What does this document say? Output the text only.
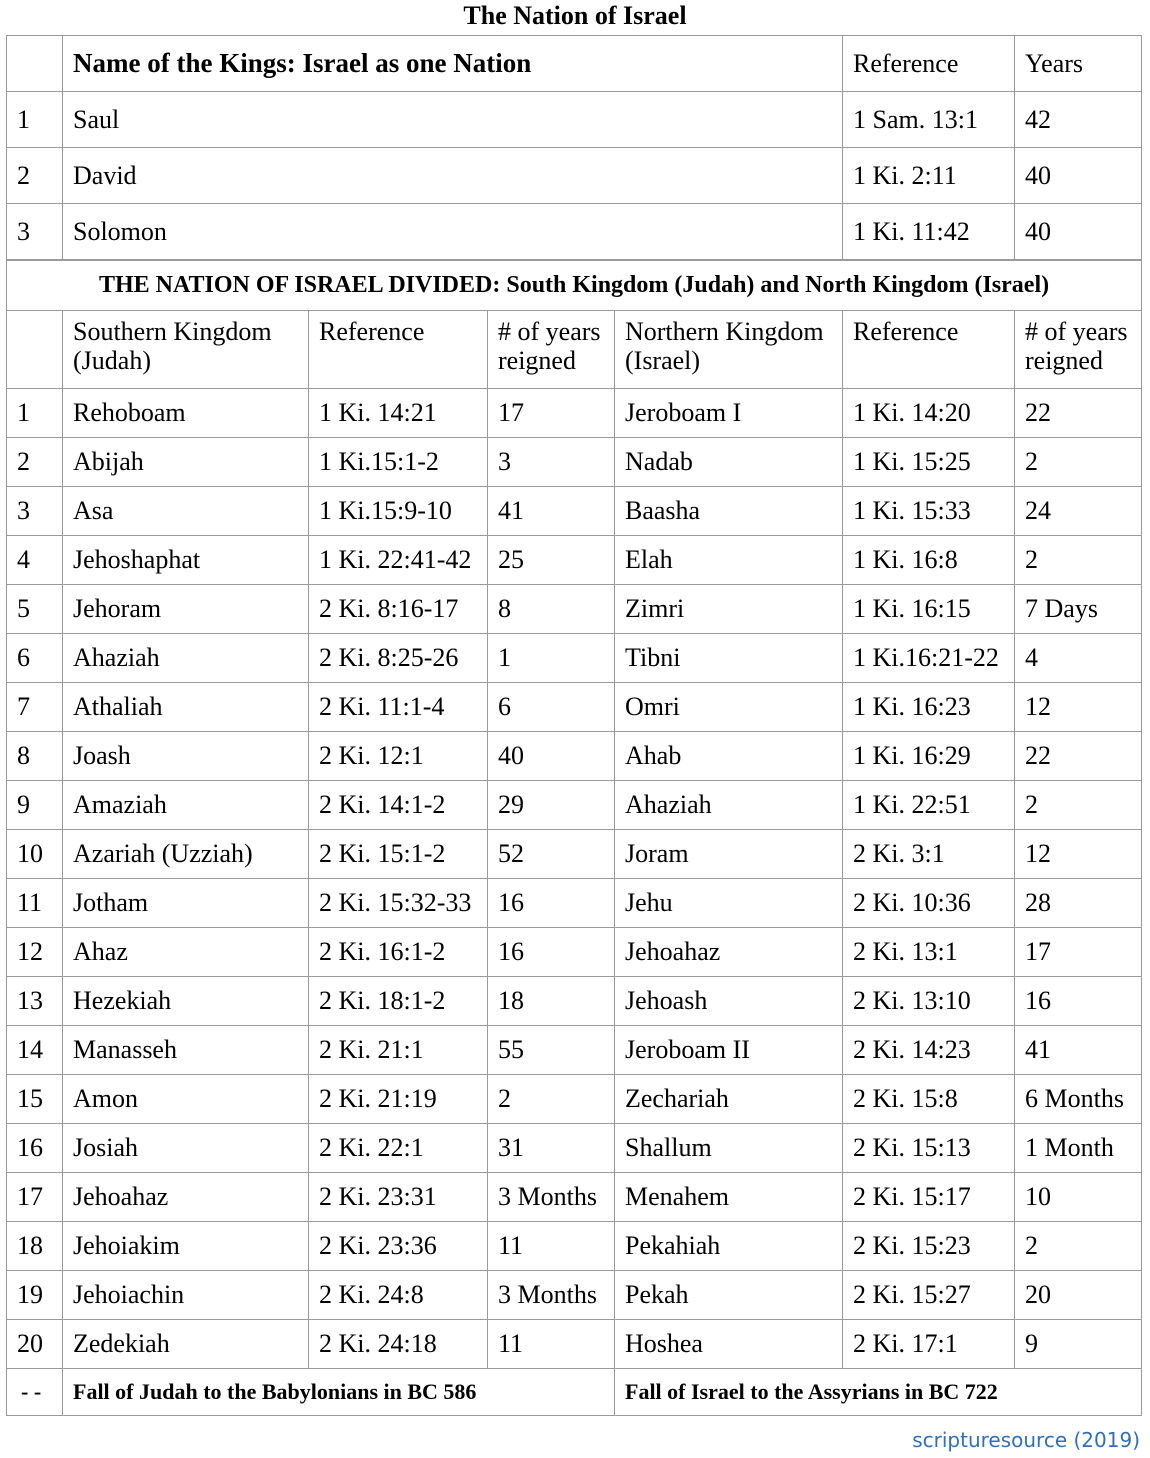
The Nation of Israel
	Name of the Kings: Israel as one Nation	Reference	Years
1	Saul	1 Sam. 13:1	42
2	David	1 Ki. 2:11	40
3	Solomon	1 Ki. 11:42	40
THE NATION OF ISRAEL DIVIDED: South Kingdom (Judah) and North Kingdom (Israel)						
	Southern Kingdom (Judah)	Reference	# of years reigned	Northern Kingdom (Israel)	Reference	# of years reigned
1	Rehoboam	1 Ki. 14:21	17	Jeroboam I	1 Ki. 14:20	22
2	Abijah	1 Ki.15:1-2	3	Nadab	1 Ki. 15:25	2
3	Asa	1 Ki.15:9-10	41	Baasha	1 Ki. 15:33	24
4	Jehoshaphat	1 Ki. 22:41-42	25	Elah	1 Ki. 16:8	2
5	Jehoram	2 Ki. 8:16-17	8	Zimri	1 Ki. 16:15	7 Days
6	Ahaziah	2 Ki. 8:25-26	1	Tibni	1 Ki.16:21-22	4
7	Athaliah	2 Ki. 11:1-4	6	Omri	1 Ki. 16:23	12
8	Joash	2 Ki. 12:1	40	Ahab	1 Ki. 16:29	22
9	Amaziah	2 Ki. 14:1-2	29	Ahaziah	1 Ki. 22:51	2
10	Azariah (Uzziah)	2 Ki. 15:1-2	52	Joram	2 Ki. 3:1	12
11	Jotham	2 Ki. 15:32-33	16	Jehu	2 Ki. 10:36	28
12	Ahaz	2 Ki. 16:1-2	16	Jehoahaz	2 Ki. 13:1	17
13	Hezekiah	2 Ki. 18:1-2	18	Jehoash	2 Ki. 13:10	16
14	Manasseh	2 Ki. 21:1	55	Jeroboam II	2 Ki. 14:23	41
15	Amon	2 Ki. 21:19	2	Zechariah	2 Ki. 15:8	6 Months
16	Josiah	2 Ki. 22:1	31	Shallum	2 Ki. 15:13	1 Month
17	Jehoahaz	2 Ki. 23:31	3 Months	Menahem	2 Ki. 15:17	10
18	Jehoiakim	2 Ki. 23:36	11	Pekahiah	2 Ki. 15:23	2
19	Jehoiachin	2 Ki. 24:8	3 Months	Pekah	2 Ki. 15:27	20
20	Zedekiah	2 Ki. 24:18	11	Hoshea	2 Ki. 17:1	9
- -	Fall of Judah to the Babylonians in BC 586			Fall of Israel to the Assyrians in BC 722		
scripturesource (2019)
